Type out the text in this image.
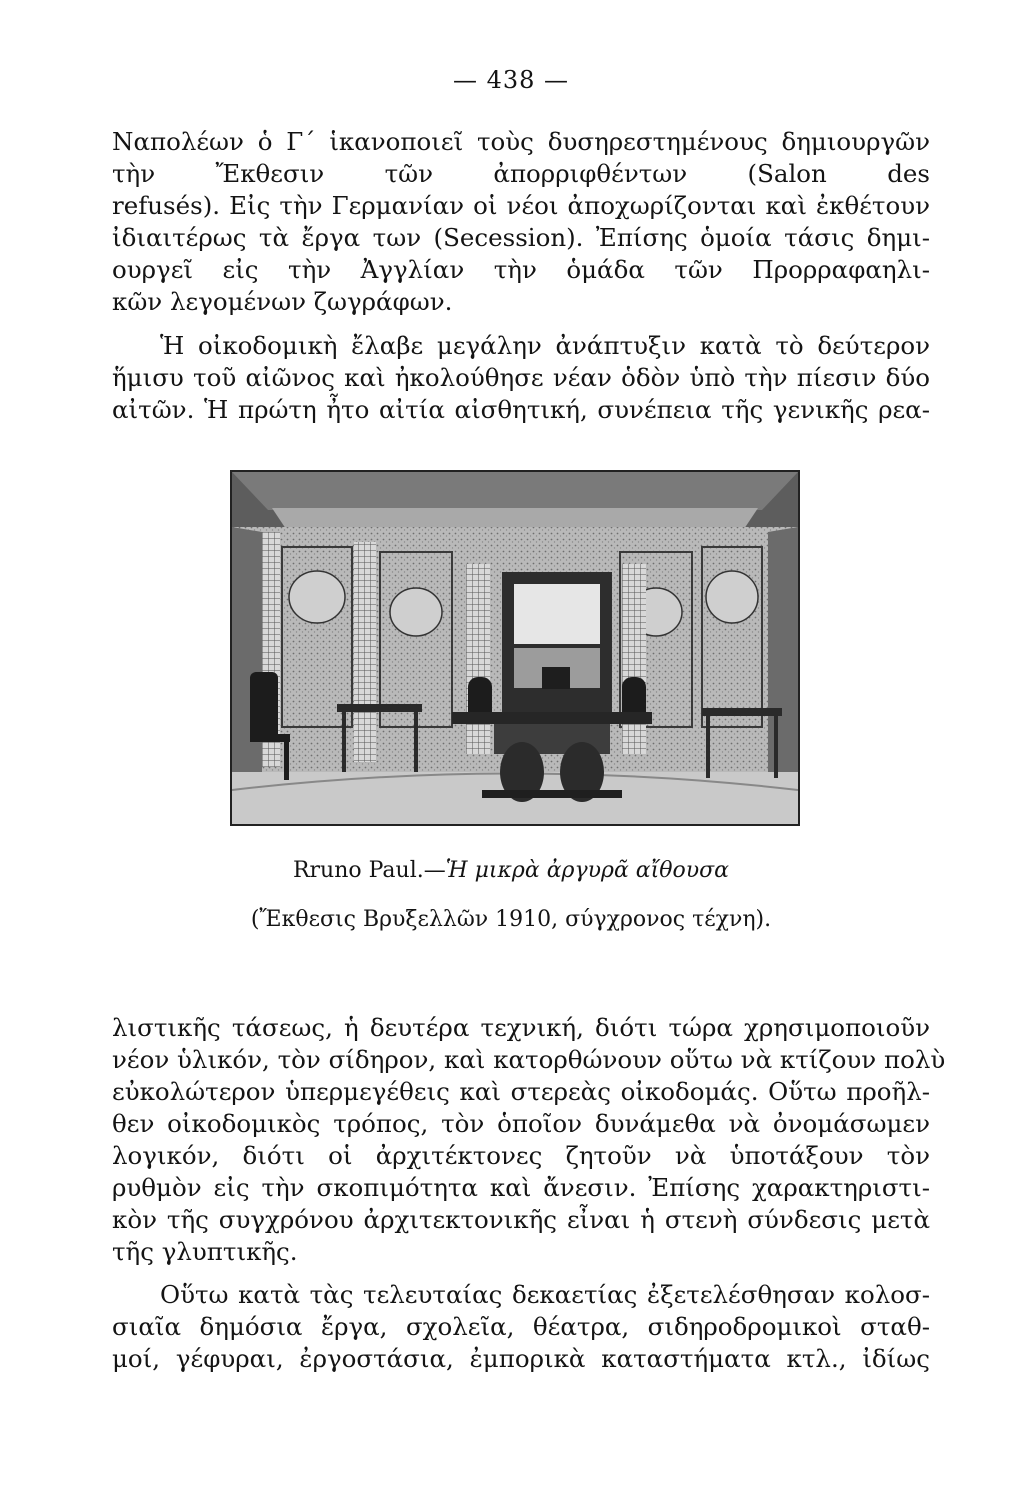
— 438 —
Ναπολέων ὁ Γ΄ ἱκανοποιεῖ τοὺς δυσηρεστημένους δημιουργῶν
τὴν Ἔκθεσιν τῶν ἀπορριφθέντων (Salon des
refusés). Εἰς τὴν Γερμανίαν οἱ νέοι ἀποχωρίζονται καὶ ἐκθέτουν
ἰδιαιτέρως τὰ ἔργα των (Secession). Ἐπίσης ὁμοία τάσις δημι-
ουργεῖ εἰς τὴν Ἀγγλίαν τὴν ὁμάδα τῶν Προρραφαηλι-
κῶν λεγομένων ζωγράφων.
Ἡ οἰκοδομικὴ ἔλαβε μεγάλην ἀνάπτυξιν κατὰ τὸ δεύτερον
ἥμισυ τοῦ αἰῶνος καὶ ἠκολούθησε νέαν ὁδὸν ὑπὸ τὴν πίεσιν δύο
αἰτῶν. Ἡ πρώτη ἦτο αἰτία αἰσθητική, συνέπεια τῆς γενικῆς ρεα-
Rruno Paul.—Ἡ μικρὰ ἀργυρᾶ αἴθουσα
(Ἔκθεσις Βρυξελλῶν 1910, σύγχρονος τέχνη).
λιστικῆς τάσεως, ἡ δευτέρα τεχνική, διότι τώρα χρησιμοποιοῦν
νέον ὑλικόν, τὸν σίδηρον, καὶ κατορθώνουν οὕτω νὰ κτίζουν πολὺ
εὐκολώτερον ὑπερμεγέθεις καὶ στερεὰς οἰκοδομάς. Οὕτω προῆλ-
θεν οἰκοδομικὸς τρόπος, τὸν ὁποῖον δυνάμεθα νὰ ὀνομάσωμεν
λογικόν, διότι οἱ ἀρχιτέκτονες ζητοῦν νὰ ὑποτάξουν τὸν
ρυθμὸν εἰς τὴν σκοπιμότητα καὶ ἄνεσιν. Ἐπίσης χαρακτηριστι-
κὸν τῆς συγχρόνου ἀρχιτεκτονικῆς εἶναι ἡ στενὴ σύνδεσις μετὰ
τῆς γλυπτικῆς.
Οὕτω κατὰ τὰς τελευταίας δεκαετίας ἐξετελέσθησαν κολοσ-
σιαῖα δημόσια ἔργα, σχολεῖα, θέατρα, σιδηροδρομικοὶ σταθ-
μοί, γέφυραι, ἐργοστάσια, ἐμπορικὰ καταστήματα κτλ., ἰδίως
